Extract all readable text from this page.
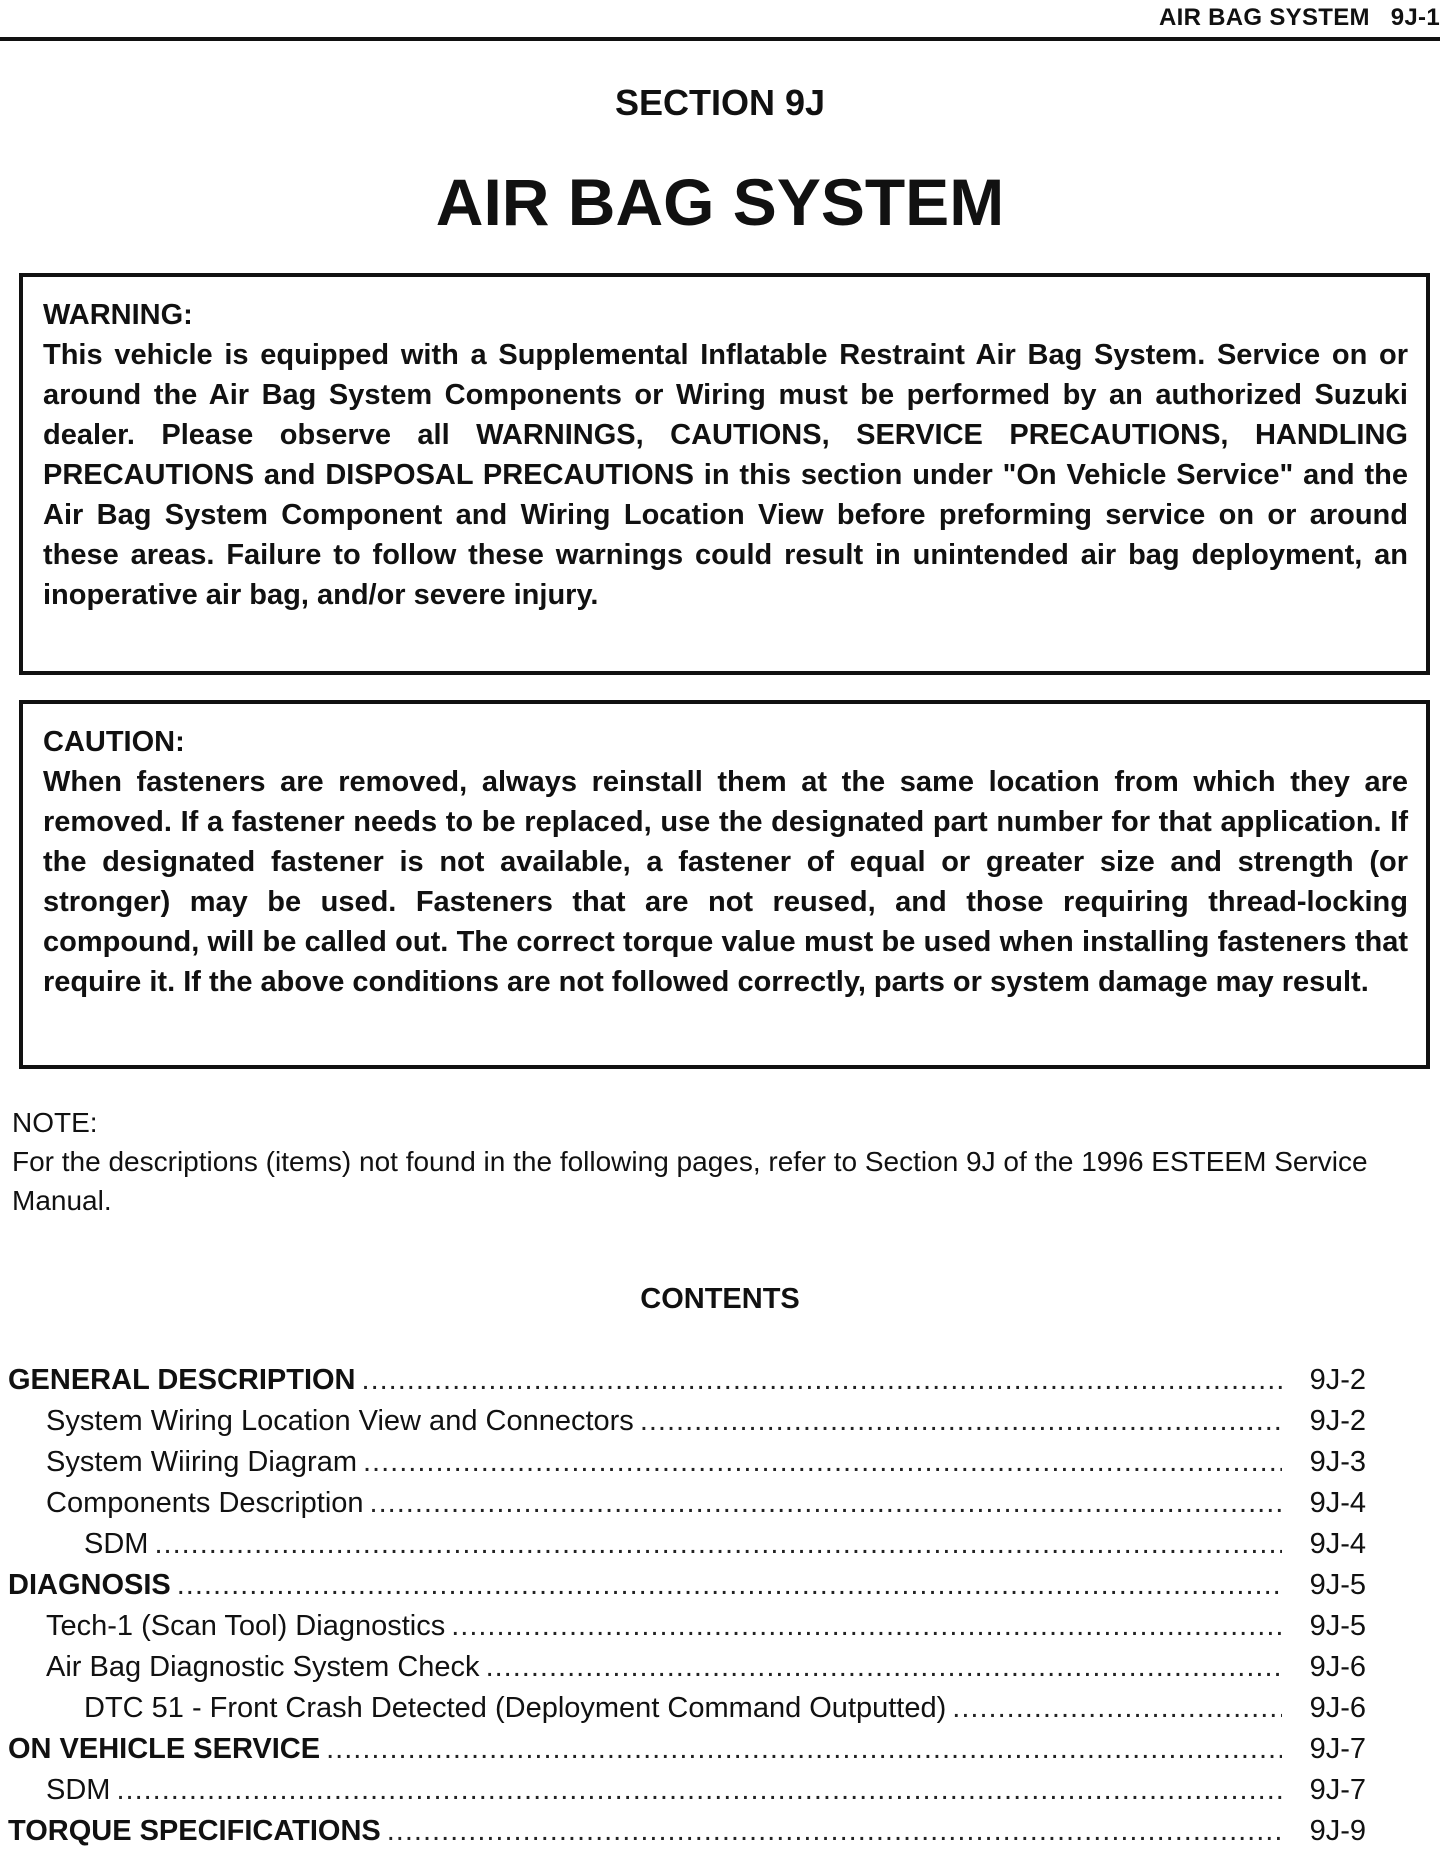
AIR BAG SYSTEM   9J-1
SECTION 9J
AIR BAG SYSTEM
WARNING:
This vehicle is equipped with a Supplemental Inflatable Restraint Air Bag System. Service on or around the Air Bag System Components or Wiring must be performed by an authorized Suzuki dealer. Please observe all WARNINGS, CAUTIONS, SERVICE PRECAUTIONS, HANDLING PRECAUTIONS and DISPOSAL PRECAUTIONS in this section under "On Vehicle Service" and the Air Bag System Component and Wiring Location View before preforming service on or around these areas. Failure to follow these warnings could result in unintended air bag deployment, an inoperative air bag, and/or severe injury.
CAUTION:
When fasteners are removed, always reinstall them at the same location from which they are removed. If a fastener needs to be replaced, use the designated part number for that application. If the designated fastener is not available, a fastener of equal or greater size and strength (or stronger) may be used. Fasteners that are not reused, and those requiring thread-locking compound, will be called out. The correct torque value must be used when installing fasteners that require it. If the above conditions are not followed correctly, parts or system damage may result.
NOTE:
For the descriptions (items) not found in the following pages, refer to Section 9J of the 1996 ESTEEM Service Manual.
CONTENTS
GENERAL DESCRIPTION .....	9J-2
System Wiring Location View and Connectors .....	9J-2
System Wiiring Diagram .....	9J-3
Components Description .....	9J-4
SDM .....	9J-4
DIAGNOSIS .....	9J-5
Tech-1 (Scan Tool) Diagnostics .....	9J-5
Air Bag Diagnostic System Check .....	9J-6
DTC 51 - Front Crash Detected (Deployment Command Outputted) .....	9J-6
ON VEHICLE SERVICE .....	9J-7
SDM .....	9J-7
TORQUE SPECIFICATIONS .....	9J-9
